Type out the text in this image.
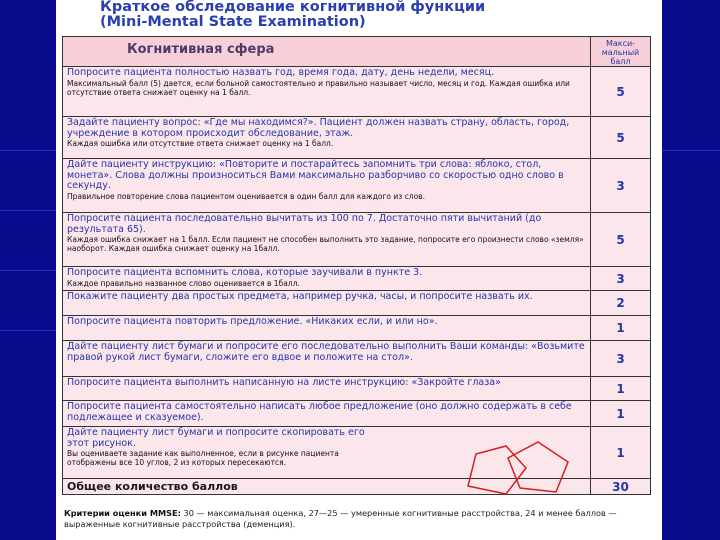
Краткое обследование когнитивной функции
(Mini-Mental State Examination)
Когнитивная сфера	Макси-мальный балл

Попросите пациента полностью назвать год, время года, дату, день недели, месяц.
Максимальный балл (5) дается, если больной самостоятельно и правильно называет число, месяц и год. Каждая ошибка или отсутствие ответа снижает оценку на 1 балл.	5

Задайте пациенту вопрос: «Где мы находимся?». Пациент должен назвать страну, область, город, учреждение в котором происходит обследование, этаж.
Каждая ошибка или отсутствие ответа снижает оценку на 1 балл.	5

Дайте пациенту инструкцию: «Повторите и постарайтесь запомнить три слова: яблоко, стол, монета». Слова должны произноситься Вами максимально разборчиво со скоростью одно слово в секунду.
Правильное повторение слова пациентом оценивается в один балл для каждого из слов.	3

Попросите пациента последовательно вычитать из 100 по 7. Достаточно пяти вычитаний (до результата 65).
Каждая ошибка снижает на 1 балл. Если пациент не способен выполнить это задание, попросите его произнести слово «земля» наоборот. Каждая ошибка снижает оценку на 1балл.	5

Попросите пациента вспомнить слова, которые заучивали в пункте 3.
Каждое правильно названное слово оценивается в 1балл.	3

Покажите пациенту два простых предмета, например ручка, часы, и попросите назвать их.	2

Попросите пациента повторить предложение. «Никаких если, и или но».	1

Дайте пациенту лист бумаги и попросите его последовательно выполнить Ваши команды: «Возьмите правой рукой лист бумаги, сложите его вдвое и положите на стол».	3

Попросите пациента выполнить написанную на листе инструкцию: «Закройте глаза»	1

Попросите пациента самостоятельно написать любое предложение (оно должно содержать в себе подлежащее и сказуемое).	1

Дайте пациенту лист бумаги и попросите скопировать его этот рисунок.
Вы оцениваете задание как выполненное, если в рисунке пациента отображены все 10 углов, 2 из которых пересекаются.	1

Общее количество баллов	30
Критерии оценки MMSE: 30 — максимальная оценка, 27—25 — умеренные когнитивные расстройства, 24 и менее баллов — выраженные когнитивные расстройства (деменция).
